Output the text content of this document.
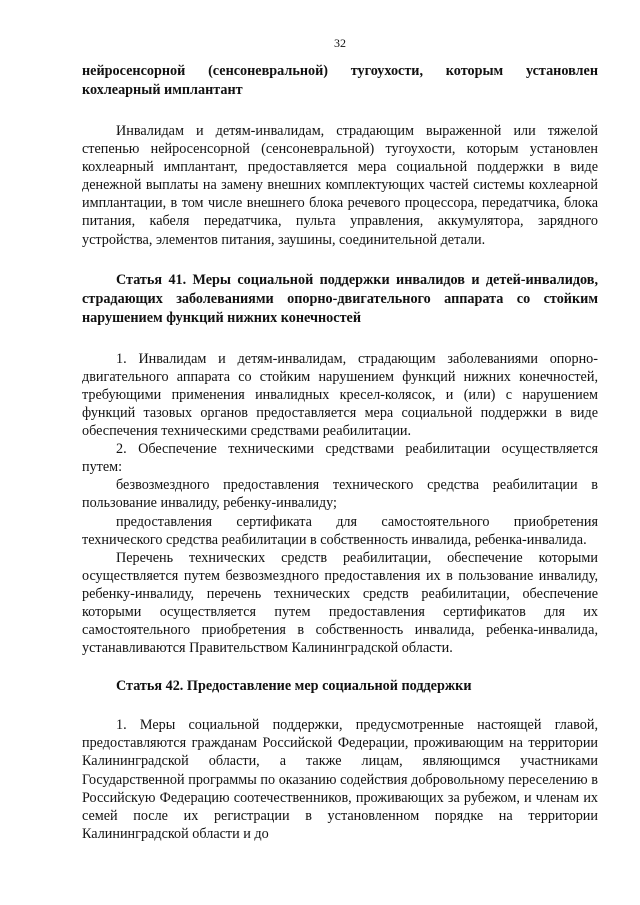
32

нейросенсорной (сенсоневральной) тугоухости, которым установлен кохлеарный имплантант

Инвалидам и детям-инвалидам, страдающим выраженной или тяжелой степенью нейросенсорной (сенсоневральной) тугоухости, которым установлен кохлеарный имплантант, предоставляется мера социальной поддержки в виде денежной выплаты на замену внешних комплектующих частей системы кохлеарной имплантации, в том числе внешнего блока речевого процессора, передатчика, блока питания, кабеля передатчика, пульта управления, аккумулятора, зарядного устройства, элементов питания, заушины, соединительной детали.

Статья 41. Меры социальной поддержки инвалидов и детей-инвалидов, страдающих заболеваниями опорно-двигательного аппарата со стойким нарушением функций нижних конечностей

1. Инвалидам и детям-инвалидам, страдающим заболеваниями опорно-двигательного аппарата со стойким нарушением функций нижних конечностей, требующими применения инвалидных кресел-колясок, и (или) с нарушением функций тазовых органов предоставляется мера социальной поддержки в виде обеспечения техническими средствами реабилитации.

2. Обеспечение техническими средствами реабилитации осуществляется путем:

безвозмездного предоставления технического средства реабилитации в пользование инвалиду, ребенку-инвалиду;

предоставления сертификата для самостоятельного приобретения технического средства реабилитации в собственность инвалида, ребенка-инвалида.

Перечень технических средств реабилитации, обеспечение которыми осуществляется путем безвозмездного предоставления их в пользование инвалиду, ребенку-инвалиду, перечень технических средств реабилитации, обеспечение которыми осуществляется путем предоставления сертификатов для их самостоятельного приобретения в собственность инвалида, ребенка-инвалида, устанавливаются Правительством Калининградской области.

Статья 42. Предоставление мер социальной поддержки

1. Меры социальной поддержки, предусмотренные настоящей главой, предоставляются гражданам Российской Федерации, проживающим на территории Калининградской области, а также лицам, являющимся участниками Государственной программы по оказанию содействия добровольному переселению в Российскую Федерацию соотечественников, проживающих за рубежом, и членам их семей после их регистрации в установленном порядке на территории Калининградской области и до
